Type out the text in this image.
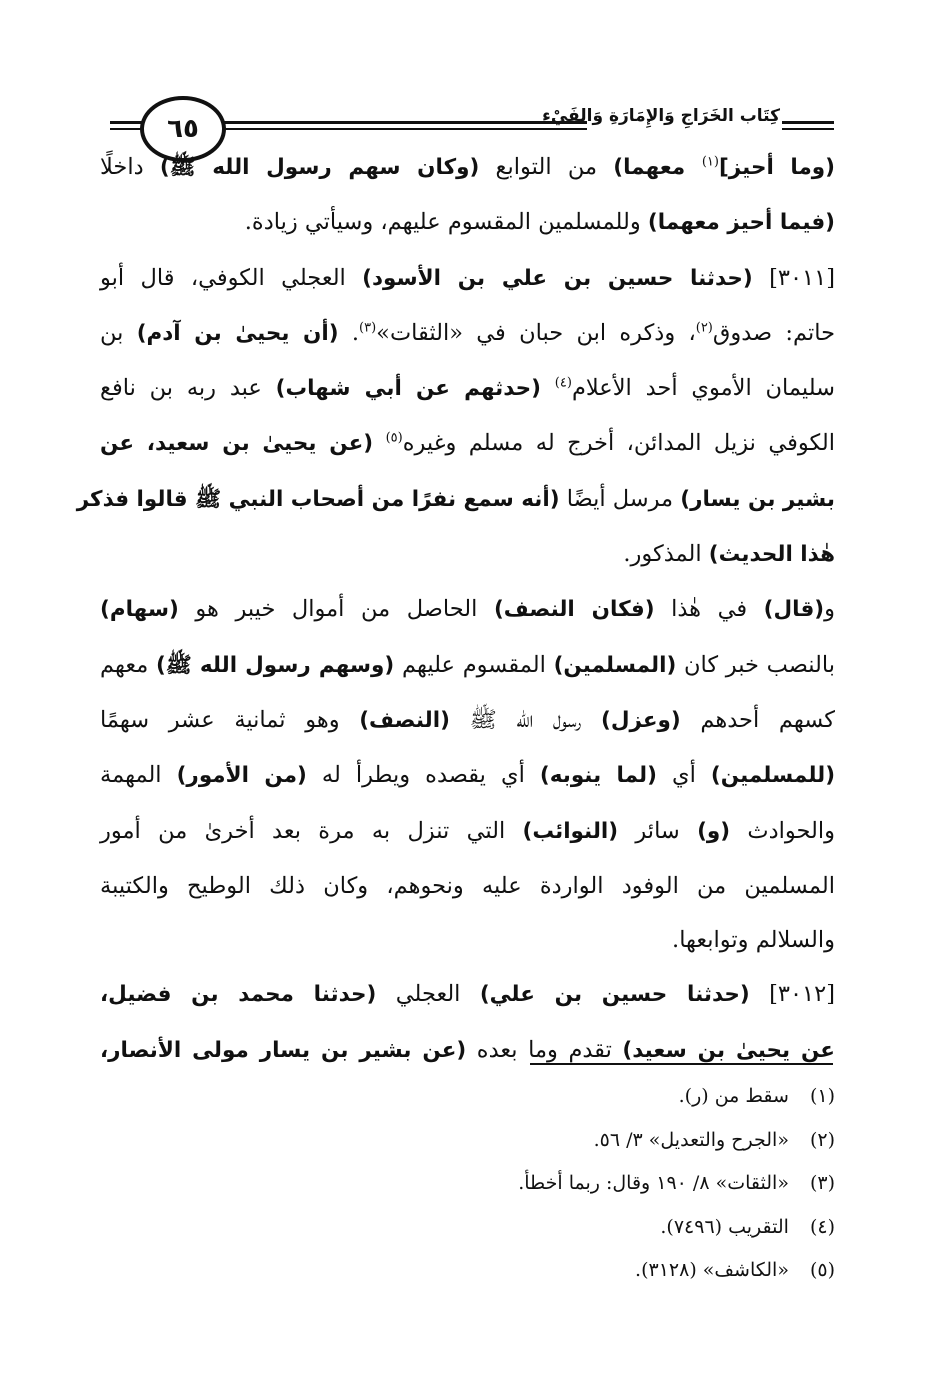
٦٥	كِتَاب الخَرَاجِ وَالإِمَارَةِ وَالفَيْءِ
(وما أحيز]$^{(١)}$ معهما) من التوابع (وكان سهم رسول الله ﷺ) داخلًا
(فيما أحيز معهما) وللمسلمين المقسوم عليهم، وسيأتي زيادة.
[٣٠١١] (حدثنا حسين بن علي بن الأسود) العجلي الكوفي، قال أبو
حاتم: صدوق$^{(٢)}$، وذكره ابن حبان في «الثقات»$^{(٣)}$. (أن يحيىٰ بن آدم) بن
سليمان الأموي أحد الأعلام$^{(٤)}$ (حدثهم عن أبي شهاب) عبد ربه بن نافع
الكوفي نزيل المدائن، أخرج له مسلم وغيره$^{(٥)}$ (عن يحيىٰ بن سعيد، عن
بشير بن يسار) مرسل أيضًا (أنه سمع نفرًا من أصحاب النبي ﷺ قالوا فذكر
هٰذا الحديث) المذكور.
و(قال) في هٰذا (فكان النصف) الحاصل من أموال خيبر هو (سهام)
بالنصب خبر كان (المسلمين) المقسوم عليهم (وسهم رسول الله ﷺ) معهم
كسهم أحدهم (وعزل) رسول الله ﷺ (النصف) وهو ثمانية عشر سهمًا
(للمسلمين) أي (لما ينوبه) أي يقصده ويطرأ له (من الأمور) المهمة
والحوادث (و) سائر (النوائب) التي تنزل به مرة بعد أخرىٰ من أمور
المسلمين من الوفود الواردة عليه ونحوهم، وكان ذلك الوطيح والكتيبة
والسلالم وتوابعها.
[٣٠١٢] (حدثنا حسين بن علي) العجلي (حدثنا محمد بن فضيل،
عن يحيىٰ بن سعيد) تقدم وما بعده (عن بشير بن يسار مولى الأنصار،
(١) سقط من (ر).
(٢) «الجرح والتعديل» ٣/ ٥٦.
(٣) «الثقات» ٨/ ١٩٠ وقال: ربما أخطأ.
(٤) التقريب (٧٤٩٦).
(٥) «الكاشف» (٣١٢٨).
